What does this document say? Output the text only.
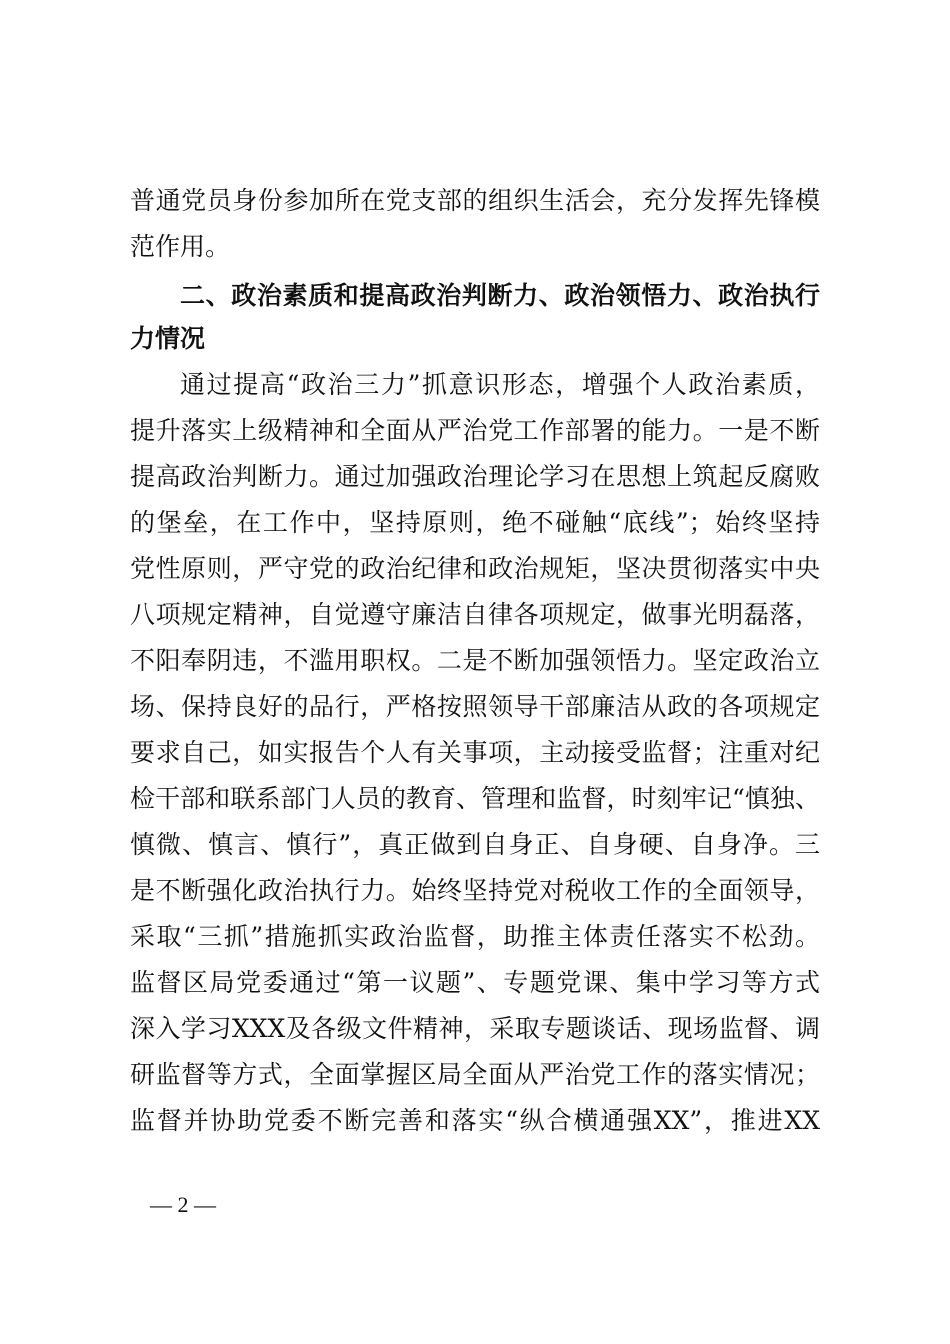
普通党员身份参加所在党支部的组织生活会，充分发挥先锋模
范作用。
二、政治素质和提高政治判断力、政治领悟力、政治执行
力情况
通过提高“政治三力”抓意识形态，增强个人政治素质，
提升落实上级精神和全面从严治党工作部署的能力。一是不断
提高政治判断力。通过加强政治理论学习在思想上筑起反腐败
的堡垒，在工作中，坚持原则，绝不碰触“底线”；始终坚持
党性原则，严守党的政治纪律和政治规矩，坚决贯彻落实中央
八项规定精神，自觉遵守廉洁自律各项规定，做事光明磊落，
不阳奉阴违，不滥用职权。二是不断加强领悟力。坚定政治立
场、保持良好的品行，严格按照领导干部廉洁从政的各项规定
要求自己，如实报告个人有关事项，主动接受监督；注重对纪
检干部和联系部门人员的教育、管理和监督，时刻牢记“慎独、
慎微、慎言、慎行”，真正做到自身正、自身硬、自身净。三
是不断强化政治执行力。始终坚持党对税收工作的全面领导，
采取“三抓”措施抓实政治监督，助推主体责任落实不松劲。
监督区局党委通过“第一议题”、专题党课、集中学习等方式
深入学习XXX及各级文件精神，采取专题谈话、现场监督、调
研监督等方式，全面掌握区局全面从严治党工作的落实情况；
监督并协助党委不断完善和落实“纵合横通强XX”，推进XX
— 2 —
